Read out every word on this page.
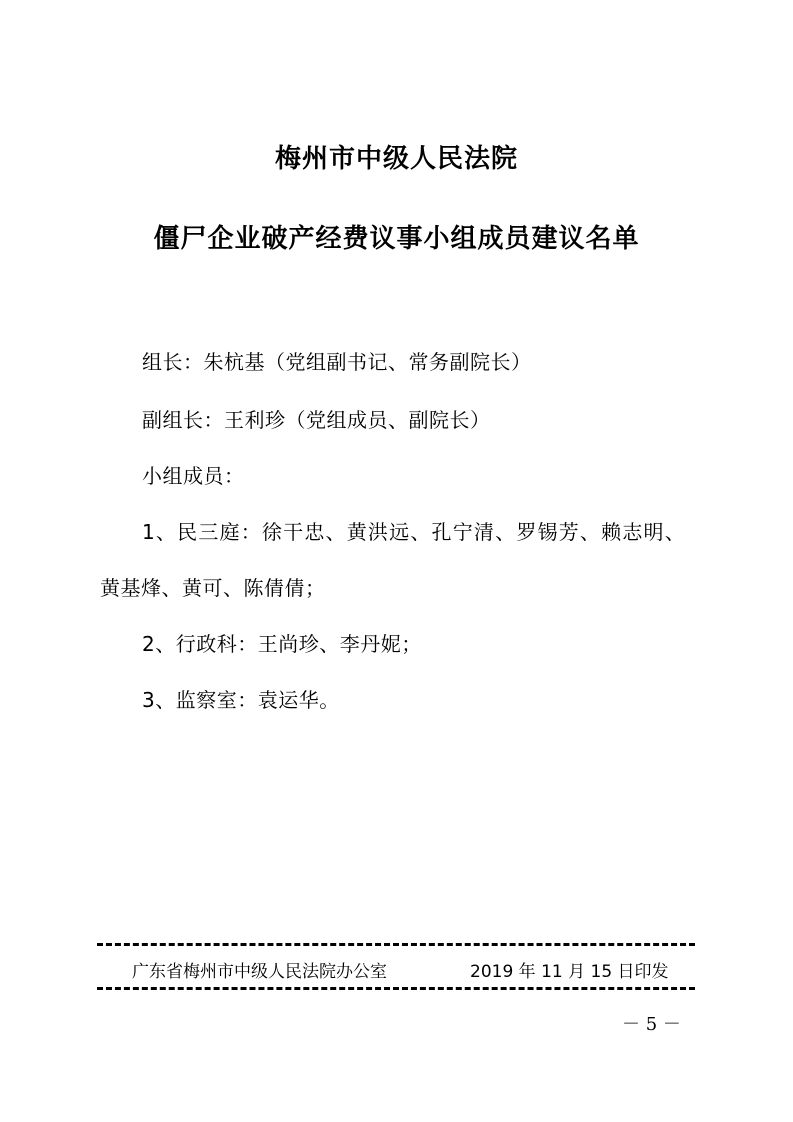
梅州市中级人民法院
僵尸企业破产经费议事小组成员建议名单
组长：朱杭基（党组副书记、常务副院长）
副组长：王利珍（党组成员、副院长）
小组成员：
1、民三庭：徐干忠、黄洪远、孔宁清、罗锡芳、赖志明、
黄基烽、黄可、陈倩倩；
2、行政科：王尚珍、李丹妮；
3、监察室：袁运华。
广东省梅州市中级人民法院办公室	2019 年 11 月 15 日印发
－ 5 －
